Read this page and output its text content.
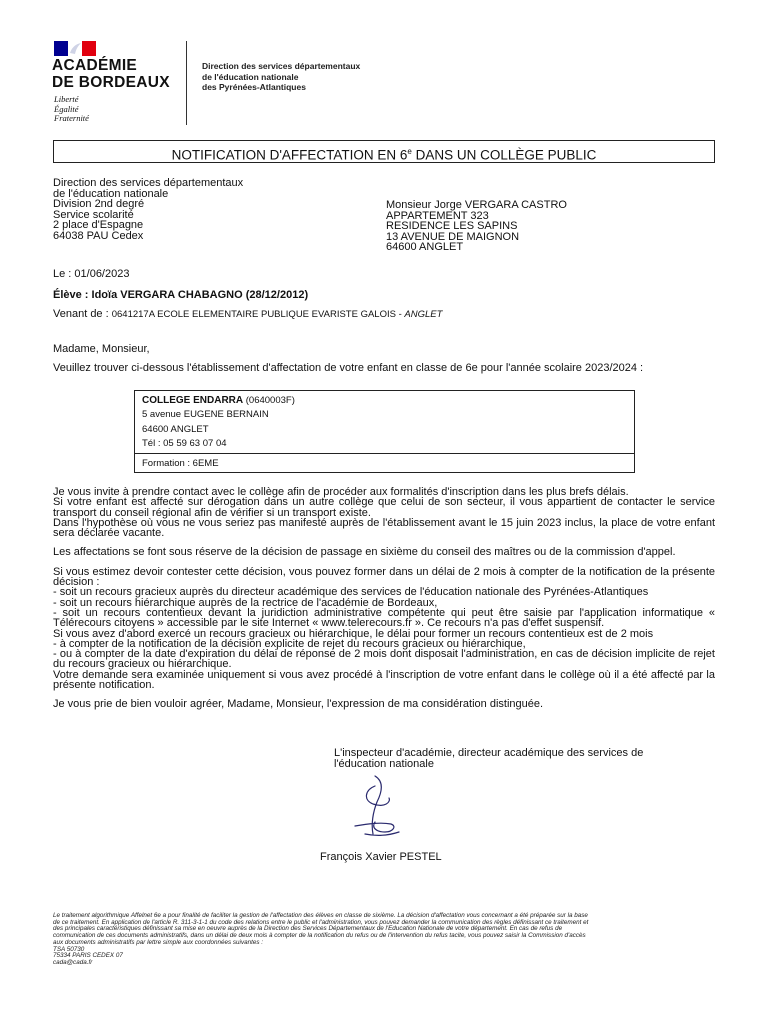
ACADÉMIE
DE BORDEAUX
Liberté
Égalité
Fraternité
Direction des services départementaux
de l'éducation nationale
des Pyrénées-Atlantiques
NOTIFICATION D'AFFECTATION EN 6e DANS UN COLLÈGE PUBLIC
Direction des services départementaux
de l'éducation nationale
Division 2nd degré
Service scolarité
2 place d'Espagne
64038 PAU Cedex
Monsieur Jorge VERGARA CASTRO
APPARTEMENT 323
RESIDENCE LES SAPINS
13 AVENUE DE MAIGNON
64600 ANGLET
Le : 01/06/2023
Élève : Idoïa VERGARA CHABAGNO (28/12/2012)
Venant de : 0641217A ECOLE ELEMENTAIRE PUBLIQUE EVARISTE GALOIS - ANGLET
Madame, Monsieur,
Veuillez trouver ci-dessous l'établissement d'affectation de votre enfant en classe de 6e pour l'année scolaire 2023/2024 :
COLLEGE ENDARRA (0640003F)
5 avenue EUGENE BERNAIN
64600 ANGLET
Tél : 05 59 63 07 04
Formation : 6EME

Je vous invite à prendre contact avec le collège afin de procéder aux formalités d'inscription dans les plus brefs délais.
Si votre enfant est affecté sur dérogation dans un autre collège que celui de son secteur, il vous appartient de contacter le service transport du conseil régional afin de vérifier si un transport existe.
Dans l'hypothèse où vous ne vous seriez pas manifesté auprès de l'établissement avant le 15 juin 2023 inclus, la place de votre enfant sera déclarée vacante.

Les affectations se font sous réserve de la décision de passage en sixième du conseil des maîtres ou de la commission d'appel.

Si vous estimez devoir contester cette décision, vous pouvez former dans un délai de 2 mois à compter de la notification de la présente décision :
- soit un recours gracieux auprès du directeur académique des services de l'éducation nationale des Pyrénées-Atlantiques
- soit un recours hiérarchique auprès de la rectrice de l'académie de Bordeaux,
- soit un recours contentieux devant la juridiction administrative compétente qui peut être saisie par l'application informatique « Télérecours citoyens » accessible par le site Internet « www.telerecours.fr ». Ce recours n'a pas d'effet suspensif.
Si vous avez d'abord exercé un recours gracieux ou hiérarchique, le délai pour former un recours contentieux est de 2 mois
- à compter de la notification de la décision explicite de rejet du recours gracieux ou hiérarchique,
- ou à compter de la date d'expiration du délai de réponse de 2 mois dont disposait l'administration, en cas de décision implicite de rejet du recours gracieux ou hiérarchique.
Votre demande sera examinée uniquement si vous avez procédé à l'inscription de votre enfant dans le collège où il a été affecté par la présente notification.

Je vous prie de bien vouloir agréer, Madame, Monsieur, l'expression de ma considération distinguée.

L'inspecteur d'académie, directeur académique des services de l'éducation nationale
François Xavier PESTEL
Le traitement algorithmique Affelnet 6e a pour finalité de faciliter la gestion de l'affectation des élèves en classe de sixième. La décision d'affectation vous concernant a été préparée sur la base
de ce traitement. En application de l'article R. 311-3-1-1 du code des relations entre le public et l'administration, vous pouvez demander la communication des règles définissant ce traitement et
des principales caractéristiques définissant sa mise en oeuvre auprès de la Direction des Services Départementaux de l'Education Nationale de votre département. En cas de refus de
communication de ces documents administratifs, dans un délai de deux mois à compter de la notification du refus ou de l'intervention du refus tacite, vous pouvez saisir la Commission d'accès
aux documents administratifs par lettre simple aux coordonnées suivantes :
TSA 50730
75334 PARIS CEDEX 07
cada@cada.fr
